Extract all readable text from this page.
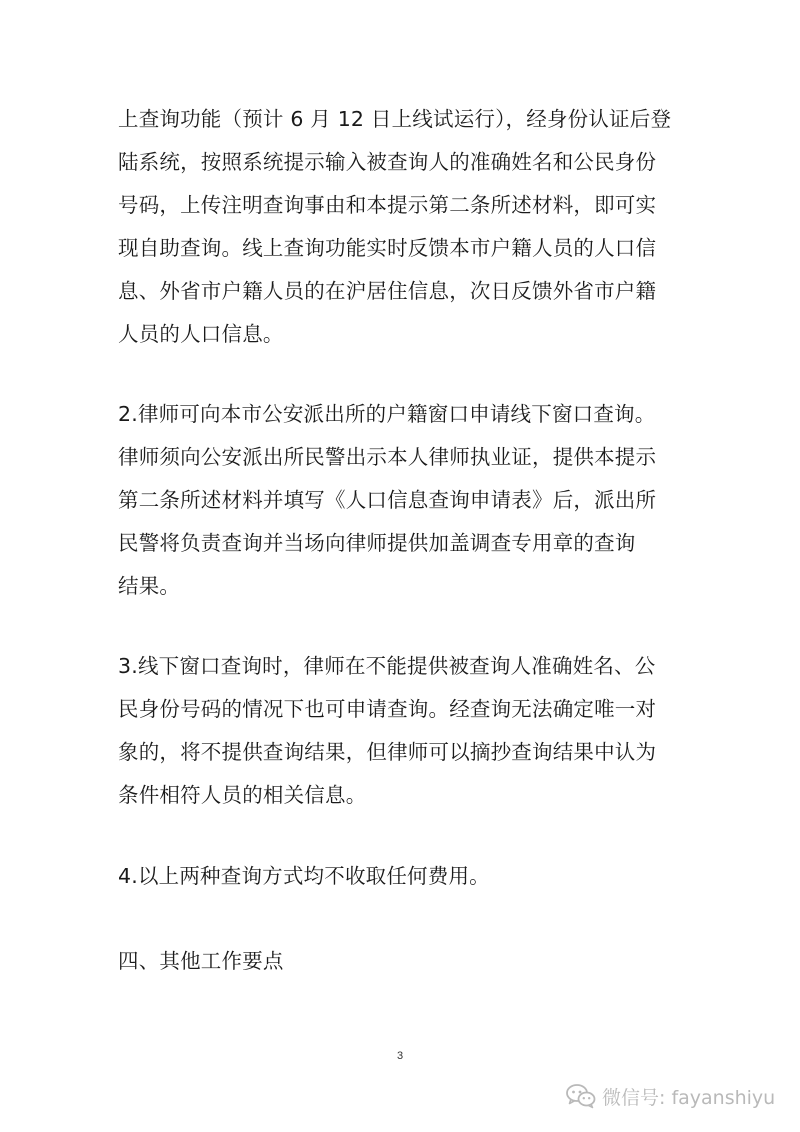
上查询功能（预计 6 月 12 日上线试运行），经身份认证后登
陆系统，按照系统提示输入被查询人的准确姓名和公民身份
号码，上传注明查询事由和本提示第二条所述材料，即可实
现自助查询。线上查询功能实时反馈本市户籍人员的人口信
息、外省市户籍人员的在沪居住信息，次日反馈外省市户籍
人员的人口信息。
2.律师可向本市公安派出所的户籍窗口申请线下窗口查询。
律师须向公安派出所民警出示本人律师执业证，提供本提示
第二条所述材料并填写《人口信息查询申请表》后，派出所
民警将负责查询并当场向律师提供加盖调查专用章的查询
结果。
3.线下窗口查询时，律师在不能提供被查询人准确姓名、公
民身份号码的情况下也可申请查询。经查询无法确定唯一对
象的，将不提供查询结果，但律师可以摘抄查询结果中认为
条件相符人员的相关信息。
4.以上两种查询方式均不收取任何费用。
四、其他工作要点
3
微信号: fayanshiyu
